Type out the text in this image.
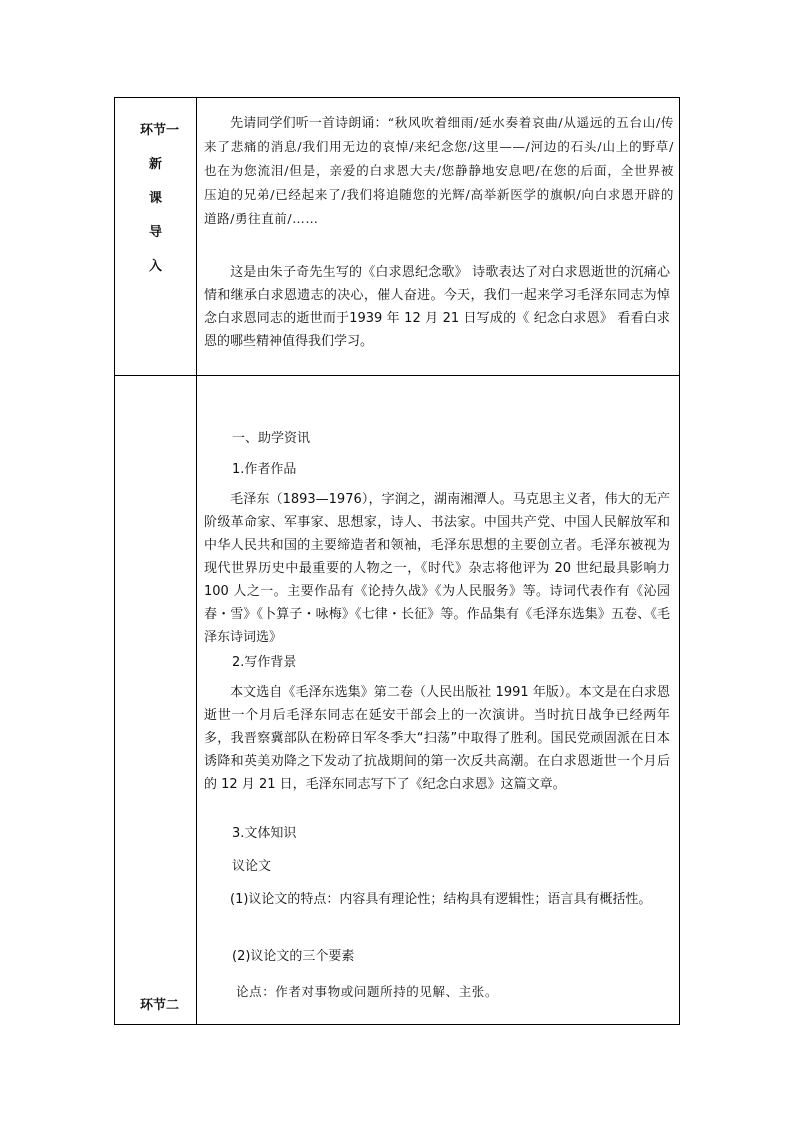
环节一
新
课
导
入
先请同学们听一首诗朗诵：“秋风吹着细雨/延水奏着哀曲/从遥远的五台山/传来了悲痛的消息/我们用无边的哀悼/来纪念您/这里——/河边的石头/山上的野草/也在为您流泪/但是，亲爱的白求恩大夫/您静静地安息吧/在您的后面，全世界被压迫的兄弟/已经起来了/我们将追随您的光辉/高举新医学的旗帜/向白求恩开辟的道路/勇往直前/……
这是由朱子奇先生写的《白求恩纪念歌》 诗歌表达了对白求恩逝世的沉痛心情和继承白求恩遗志的决心，催人奋进。今天，我们一起来学习毛泽东同志为悼念白求恩同志的逝世而于1939 年 12 月 21 日写成的《 纪念白求恩》 看看白求恩的哪些精神值得我们学习。
环节二
一、助学资讯
1.作者作品
毛泽东（1893—1976），字润之，湖南湘潭人。马克思主义者，伟大的无产阶级革命家、军事家、思想家，诗人、书法家。中国共产党、中国人民解放军和中华人民共和国的主要缔造者和领袖，毛泽东思想的主要创立者。毛泽东被视为现代世界历史中最重要的人物之一，《时代》杂志将他评为 20 世纪最具影响力 100 人之一。主要作品有《论持久战》《为人民服务》等。诗词代表作有《沁园春・雪》《卜算子・咏梅》《七律・长征》等。作品集有《毛泽东选集》五卷、《毛泽东诗词选》
2.写作背景
本文选自《毛泽东选集》第二卷（人民出版社 1991 年版）。本文是在白求恩逝世一个月后毛泽东同志在延安干部会上的一次演讲。当时抗日战争已经两年多，我晋察冀部队在粉碎日军冬季大“扫荡”中取得了胜利。国民党顽固派在日本诱降和英美劝降之下发动了抗战期间的第一次反共高潮。在白求恩逝世一个月后的 12 月 21 日，毛泽东同志写下了《纪念白求恩》这篇文章。
3.文体知识
议论文
(1)议论文的特点：内容具有理论性；结构具有逻辑性；语言具有概括性。
(2)议论文的三个要素
论点：作者对事物或问题所持的见解、主张。
